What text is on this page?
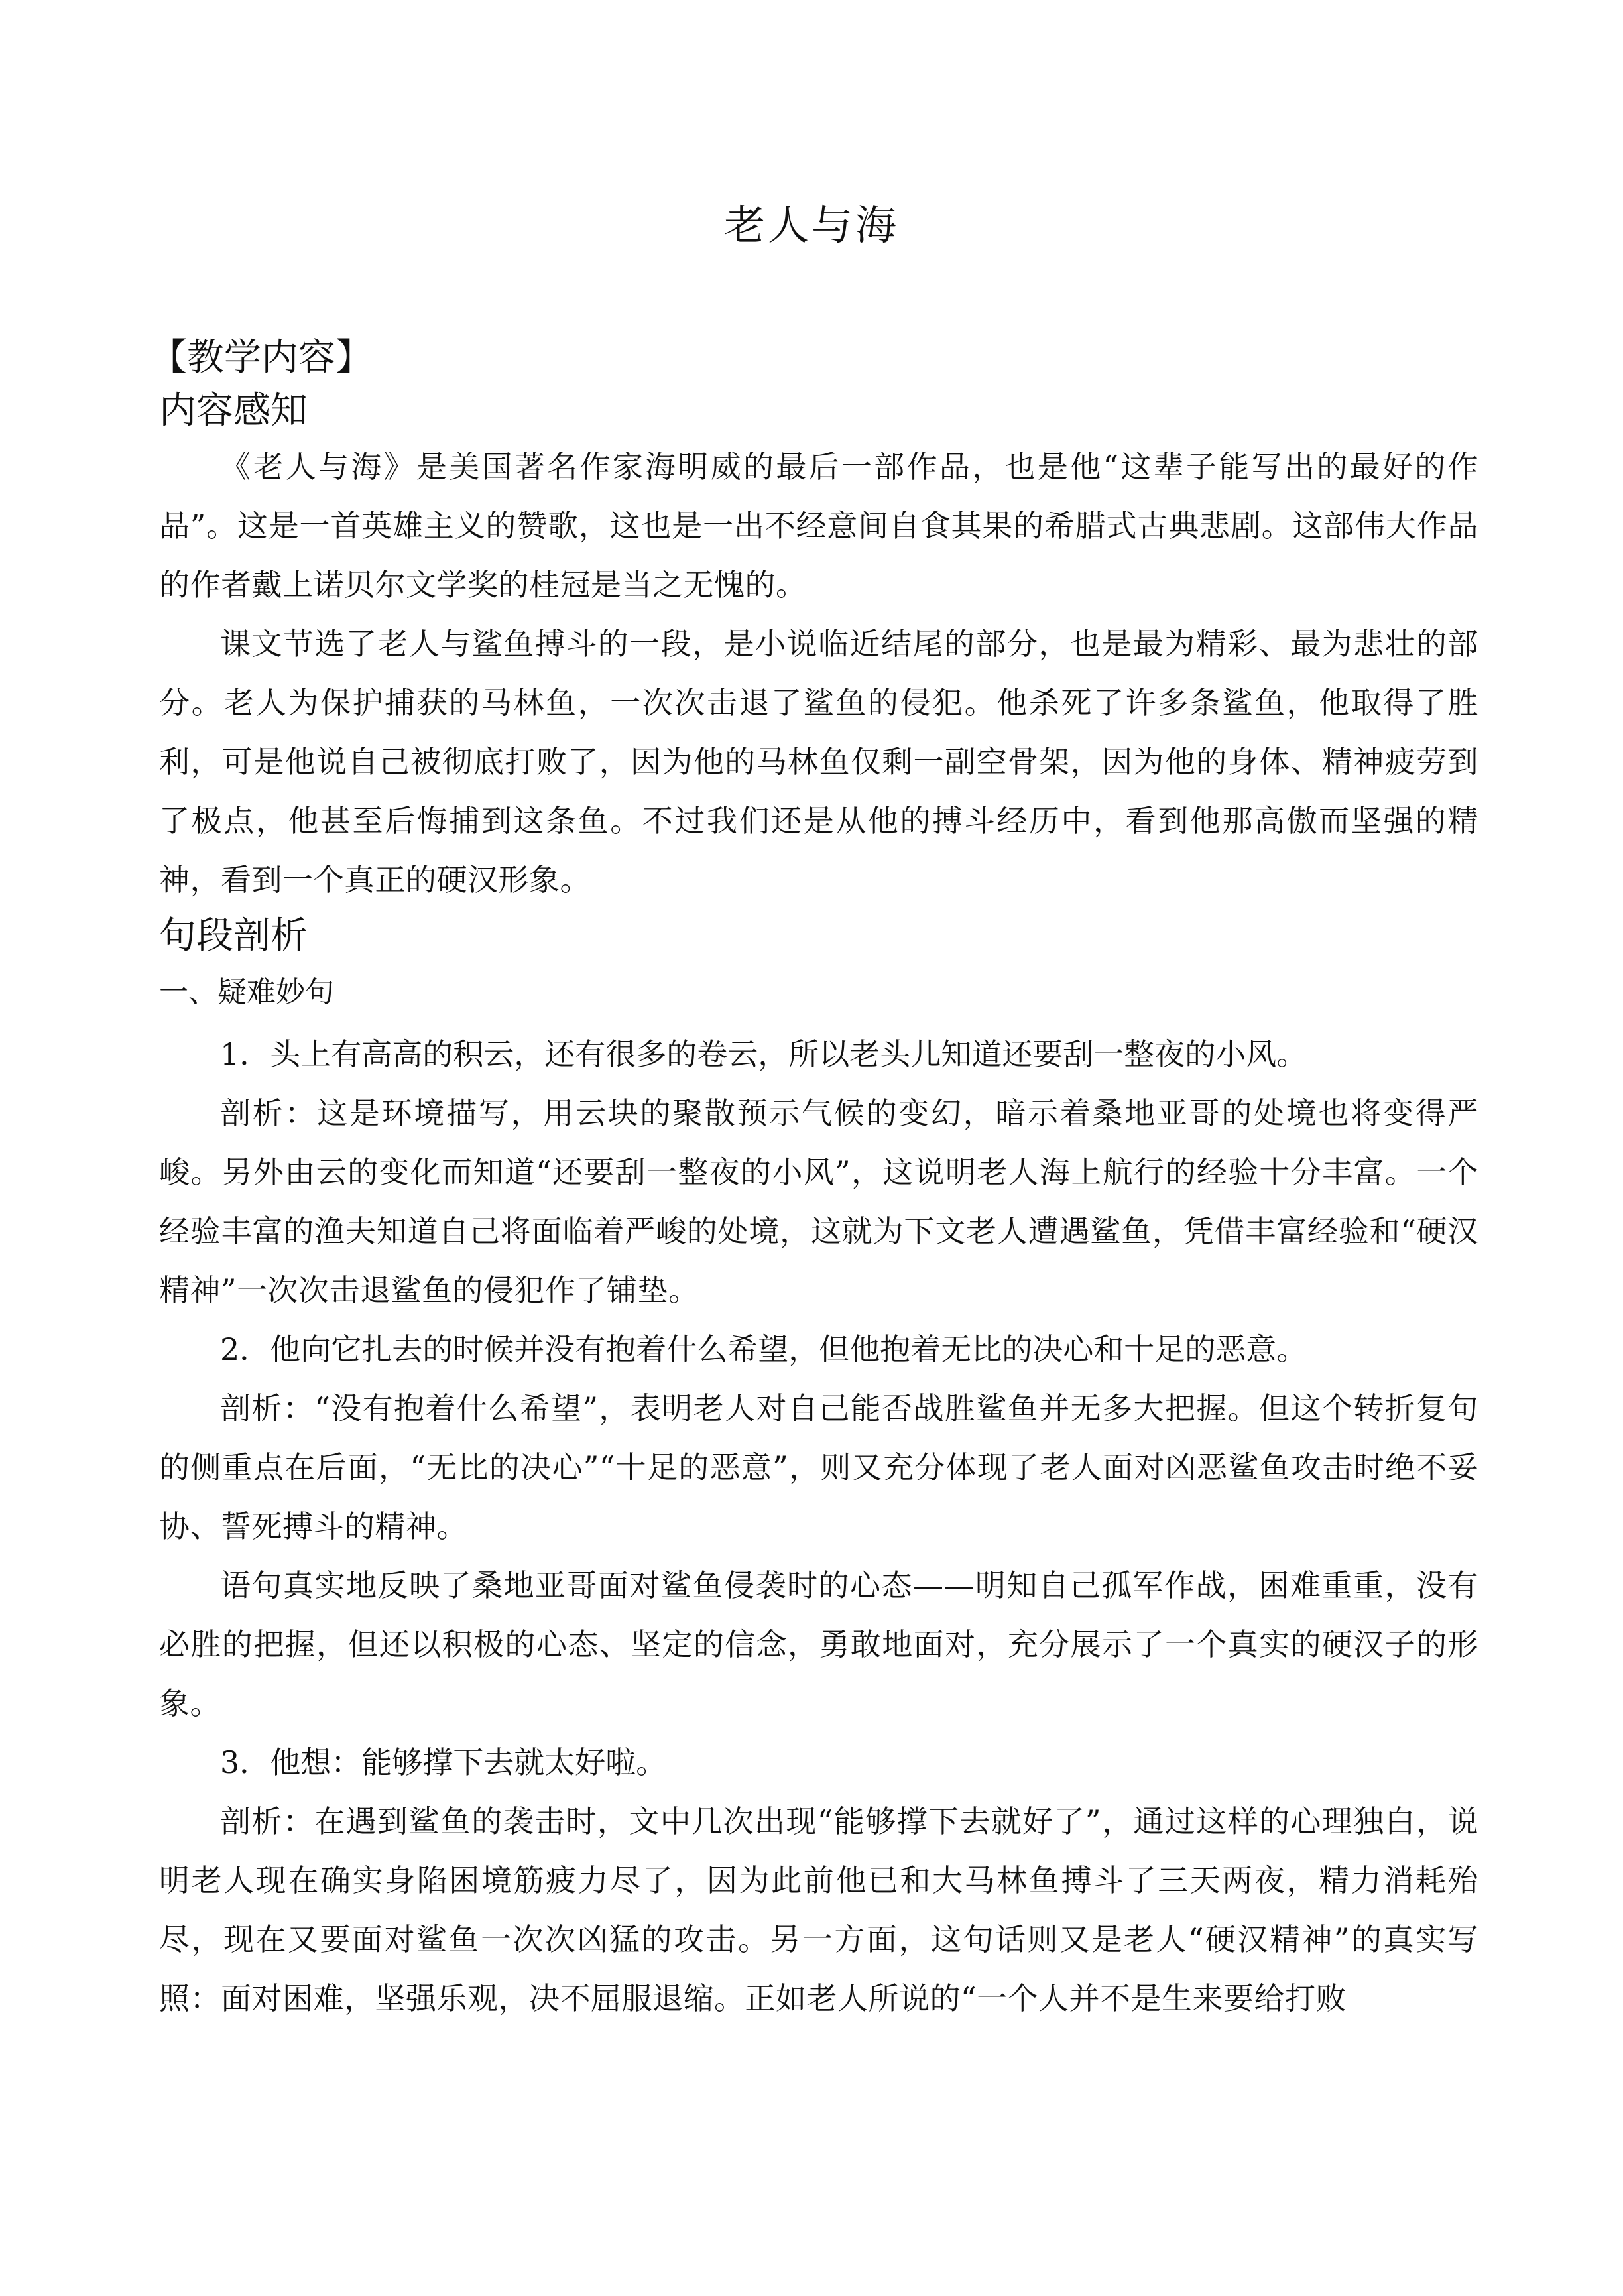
老人与海
【教学内容】
内容感知

《老人与海》是美国著名作家海明威的最后一部作品，也是他“这辈子能写出的最好的作品”。这是一首英雄主义的赞歌，这也是一出不经意间自食其果的希腊式古典悲剧。这部伟大作品的作者戴上诺贝尔文学奖的桂冠是当之无愧的。

课文节选了老人与鲨鱼搏斗的一段，是小说临近结尾的部分，也是最为精彩、最为悲壮的部分。老人为保护捕获的马林鱼，一次次击退了鲨鱼的侵犯。他杀死了许多条鲨鱼，他取得了胜利，可是他说自己被彻底打败了，因为他的马林鱼仅剩一副空骨架，因为他的身体、精神疲劳到了极点，他甚至后悔捕到这条鱼。不过我们还是从他的搏斗经历中，看到他那高傲而坚强的精神，看到一个真正的硬汉形象。

句段剖析
一、疑难妙句

1．头上有高高的积云，还有很多的卷云，所以老头儿知道还要刮一整夜的小风。

剖析：这是环境描写，用云块的聚散预示气候的变幻，暗示着桑地亚哥的处境也将变得严峻。另外由云的变化而知道“还要刮一整夜的小风”，这说明老人海上航行的经验十分丰富。一个经验丰富的渔夫知道自己将面临着严峻的处境，这就为下文老人遭遇鲨鱼，凭借丰富经验和“硬汉精神”一次次击退鲨鱼的侵犯作了铺垫。

2．他向它扎去的时候并没有抱着什么希望，但他抱着无比的决心和十足的恶意。

剖析：“没有抱着什么希望”，表明老人对自己能否战胜鲨鱼并无多大把握。但这个转折复句的侧重点在后面，“无比的决心”“十足的恶意”，则又充分体现了老人面对凶恶鲨鱼攻击时绝不妥协、誓死搏斗的精神。

语句真实地反映了桑地亚哥面对鲨鱼侵袭时的心态——明知自己孤军作战，困难重重，没有必胜的把握，但还以积极的心态、坚定的信念，勇敢地面对，充分展示了一个真实的硬汉子的形象。

3．他想：能够撑下去就太好啦。

剖析：在遇到鲨鱼的袭击时，文中几次出现“能够撑下去就好了”，通过这样的心理独白，说明老人现在确实身陷困境筋疲力尽了，因为此前他已和大马林鱼搏斗了三天两夜，精力消耗殆尽，现在又要面对鲨鱼一次次凶猛的攻击。另一方面，这句话则又是老人“硬汉精神”的真实写照：面对困难，坚强乐观，决不屈服退缩。正如老人所说的“一个人并不是生来要给打败
